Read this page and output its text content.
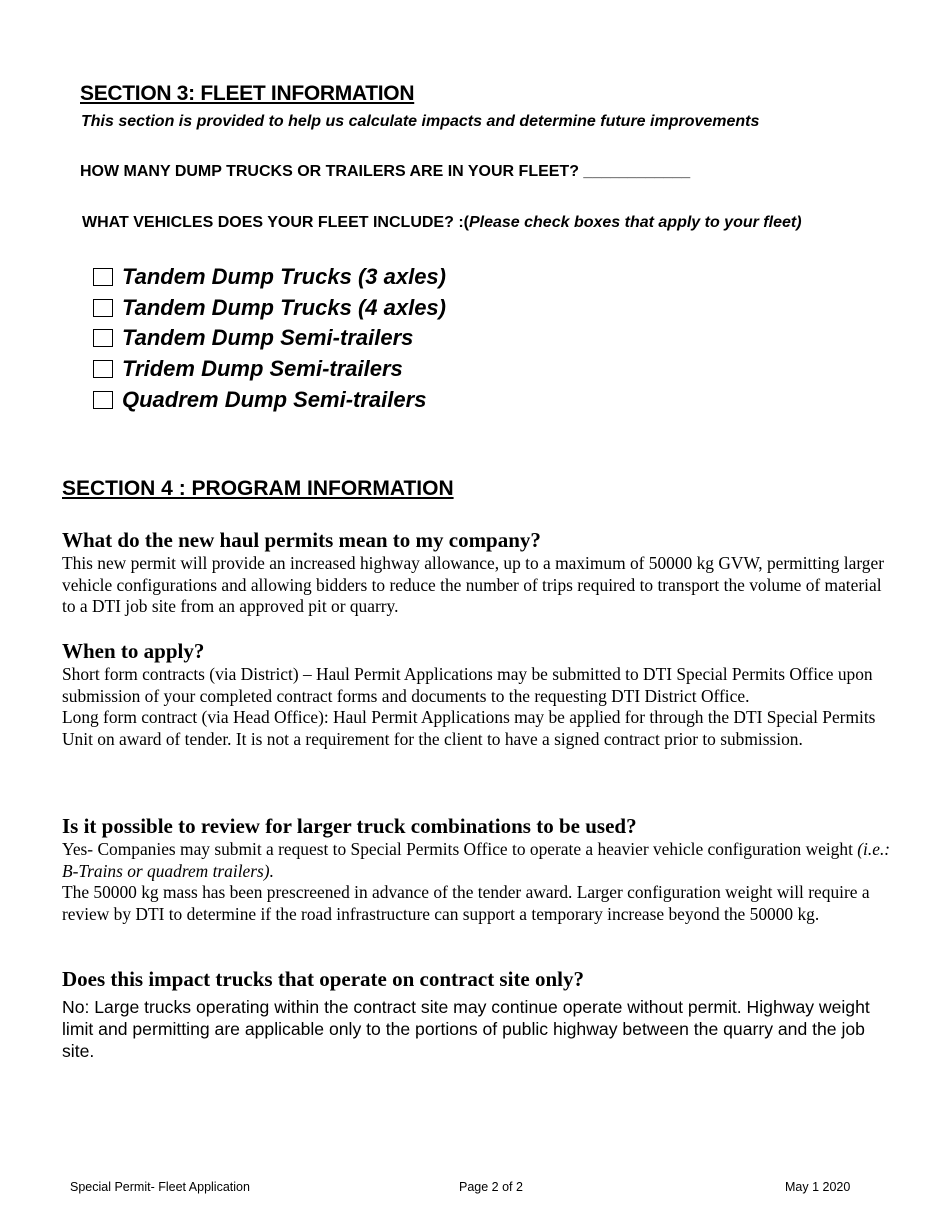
SECTION 3: FLEET INFORMATION

This section is provided to help us calculate impacts and determine future improvements

HOW MANY DUMP TRUCKS OR TRAILERS ARE IN YOUR FLEET? ____________

WHAT VEHICLES DOES YOUR FLEET INCLUDE? :(Please check boxes that apply to your fleet)

Tandem Dump Trucks (3 axles)
Tandem Dump Trucks (4 axles)
Tandem Dump Semi-trailers
Tridem Dump Semi-trailers
Quadrem Dump Semi-trailers
SECTION 4 : PROGRAM INFORMATION
What do the new haul permits mean to my company?

This new permit will provide an increased highway allowance, up to a maximum of 50000 kg GVW, permitting larger vehicle configurations and allowing bidders to reduce the number of trips required to transport the volume of material to a DTI job site from an approved pit or quarry.

When to apply?

Short form contracts (via District) – Haul Permit Applications may be submitted to DTI Special Permits Office upon submission of your completed contract forms and documents to the requesting DTI District Office.

Long form contract (via Head Office): Haul Permit Applications may be applied for through the DTI Special Permits Unit on award of tender. It is not a requirement for the client to have a signed contract prior to submission.

Is it possible to review for larger truck combinations to be used?

Yes- Companies may submit a request to Special Permits Office to operate a heavier vehicle configuration weight (i.e.: B-Trains or quadrem trailers).

The 50000 kg mass has been prescreened in advance of the tender award. Larger configuration weight will require a review by DTI to determine if the road infrastructure can support a temporary increase beyond the 50000 kg.

Does this impact trucks that operate on contract site only?

No: Large trucks operating within the contract site may continue operate without permit. Highway weight limit and permitting are applicable only to the portions of public highway between the quarry and the job site.

Special Permit- Fleet Application	Page 2 of 2	May 1 2020
